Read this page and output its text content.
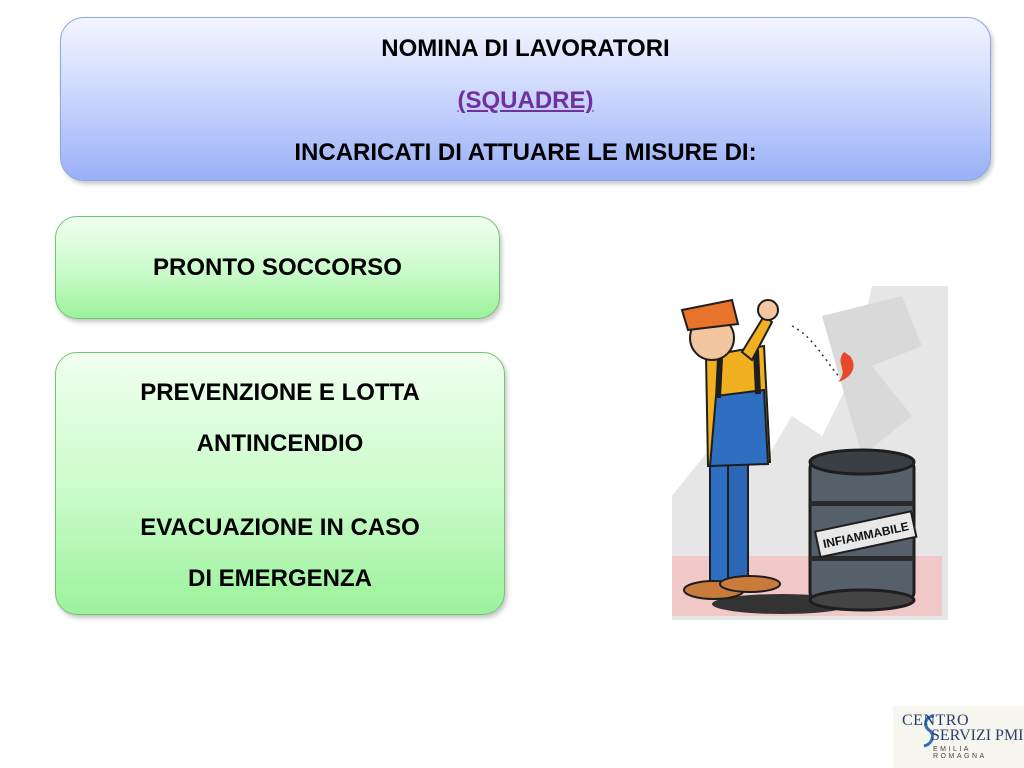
NOMINA DI LAVORATORI
(SQUADRE)
INCARICATI DI ATTUARE LE MISURE DI:
PRONTO SOCCORSO
PREVENZIONE E LOTTA
ANTINCENDIO
EVACUAZIONE IN CASO
DI EMERGENZA
INFIAMMABILE
CENTRO
SERVIZI PMI
EMILIA ROMAGNA
